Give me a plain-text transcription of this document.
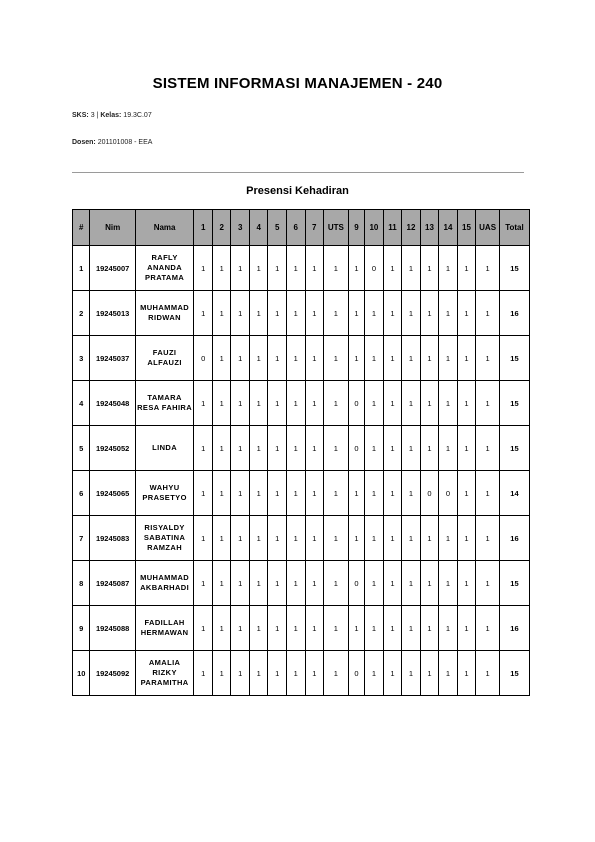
SISTEM INFORMASI MANAJEMEN - 240
SKS: 3 | Kelas: 19.3C.07
Dosen: 201101008 - EEA
Presensi Kehadiran
#	Nim	Nama	1	2	3	4	5	6	7	UTS	9	10	11	12	13	14	15	UAS	Total
1	19245007	RAFLY ANANDA PRATAMA	1	1	1	1	1	1	1	1	1	0	1	1	1	1	1	1	15
2	19245013	MUHAMMAD RIDWAN	1	1	1	1	1	1	1	1	1	1	1	1	1	1	1	1	16
3	19245037	FAUZI ALFAUZI	0	1	1	1	1	1	1	1	1	1	1	1	1	1	1	1	15
4	19245048	TAMARA RESA FAHIRA	1	1	1	1	1	1	1	1	0	1	1	1	1	1	1	1	15
5	19245052	LINDA	1	1	1	1	1	1	1	1	0	1	1	1	1	1	1	1	15
6	19245065	WAHYU PRASETYO	1	1	1	1	1	1	1	1	1	1	1	1	0	0	1	1	14
7	19245083	RISYALDY SABATINA RAMZAH	1	1	1	1	1	1	1	1	1	1	1	1	1	1	1	1	16
8	19245087	MUHAMMAD AKBARHADI	1	1	1	1	1	1	1	1	0	1	1	1	1	1	1	1	15
9	19245088	FADILLAH HERMAWAN	1	1	1	1	1	1	1	1	1	1	1	1	1	1	1	1	16
10	19245092	AMALIA RIZKY PARAMITHA	1	1	1	1	1	1	1	1	0	1	1	1	1	1	1	1	15
